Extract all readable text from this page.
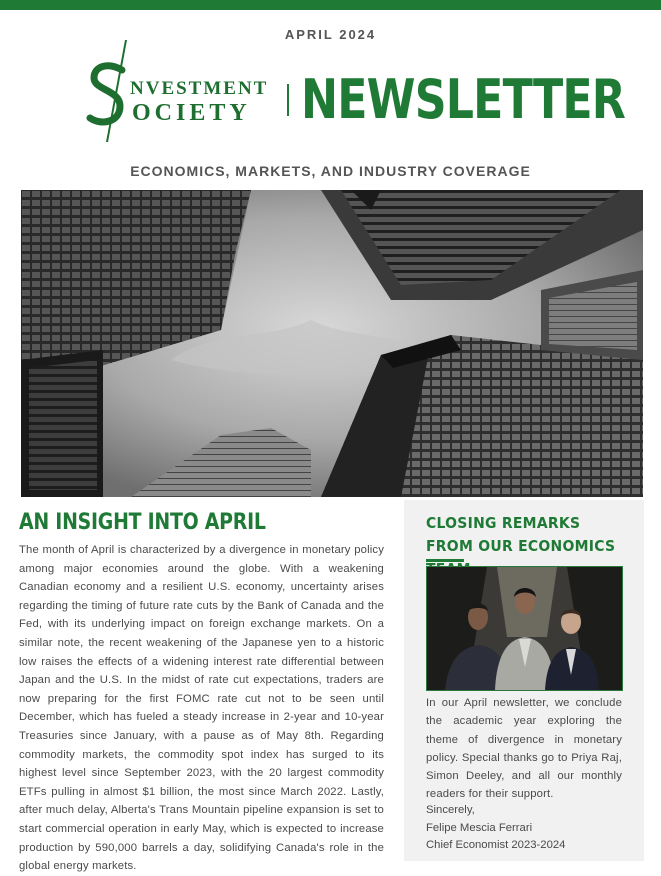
APRIL 2024
NVESTMENT
OCIETY NEWSLETTER
ECONOMICS, MARKETS, AND INDUSTRY COVERAGE
AN INSIGHT INTO APRIL
The month of April is characterized by a divergence in monetary policy among major economies around the globe. With a weakening Canadian economy and a resilient U.S. economy, uncertainty arises regarding the timing of future rate cuts by the Bank of Canada and the Fed, with its underlying impact on foreign exchange markets. On a similar note, the recent weakening of the Japanese yen to a historic low raises the effects of a widening interest rate differential between Japan and the U.S. In the midst of rate cut expectations, traders are now preparing for the first FOMC rate cut not to be seen until December, which has fueled a steady increase in 2-year and 10-year Treasuries since January, with a pause as of May 8th. Regarding commodity markets, the commodity spot index has surged to its highest level since September 2023, with the 20 largest commodity ETFs pulling in almost $1 billion, the most since March 2022. Lastly, after much delay, Alberta's Trans Mountain pipeline expansion is set to start commercial operation in early May, which is expected to increase production by 590,000 barrels a day, solidifying Canada's role in the global energy markets.
CLOSING REMARKS FROM OUR ECONOMICS
In our April newsletter, we conclude the academic year exploring the theme of divergence in monetary policy. Special thanks go to Priya Raj, Simon Deeley, and all our monthly readers for their support.
Sincerely,
Felipe Mescia Ferrari
Chief Economist 2023-2024
